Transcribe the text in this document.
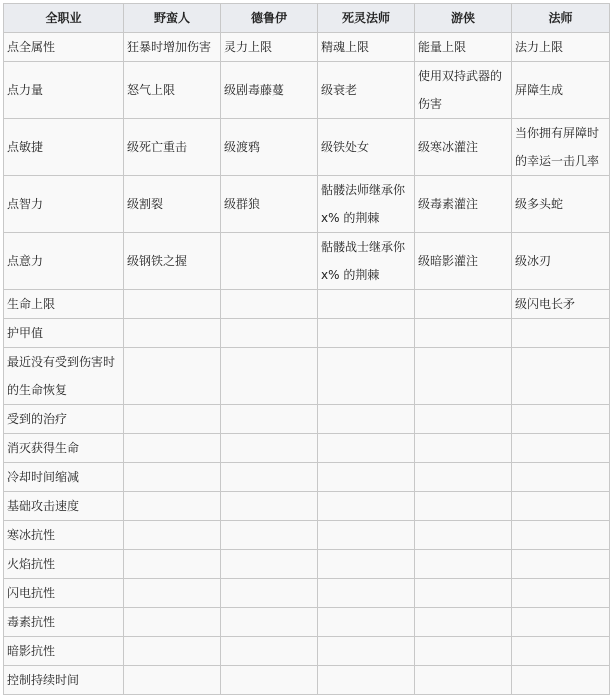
全职业	野蛮人	德鲁伊	死灵法师	游侠	法师

点全属性	狂暴时增加伤害	灵力上限	精魂上限	能量上限	法力上限

点力量	怒气上限	级剧毒藤蔓	级衰老	使用双持武器的伤害	屏障生成

点敏捷	级死亡重击	级渡鸦	级铁处女	级寒冰灌注	当你拥有屏障时的幸运一击几率

点智力	级割裂	级群狼	骷髅法师继承你x% 的荆棘	级毒素灌注	级多头蛇

点意力	级钢铁之握		骷髅战士继承你x% 的荆棘	级暗影灌注	级冰刃

生命上限					级闪电长矛

护甲值					

最近没有受到伤害时的生命恢复					

受到的治疗					

消灭获得生命					

冷却时间缩减					

基础攻击速度					

寒冰抗性					

火焰抗性					

闪电抗性					

毒素抗性					

暗影抗性					

控制持续时间					
